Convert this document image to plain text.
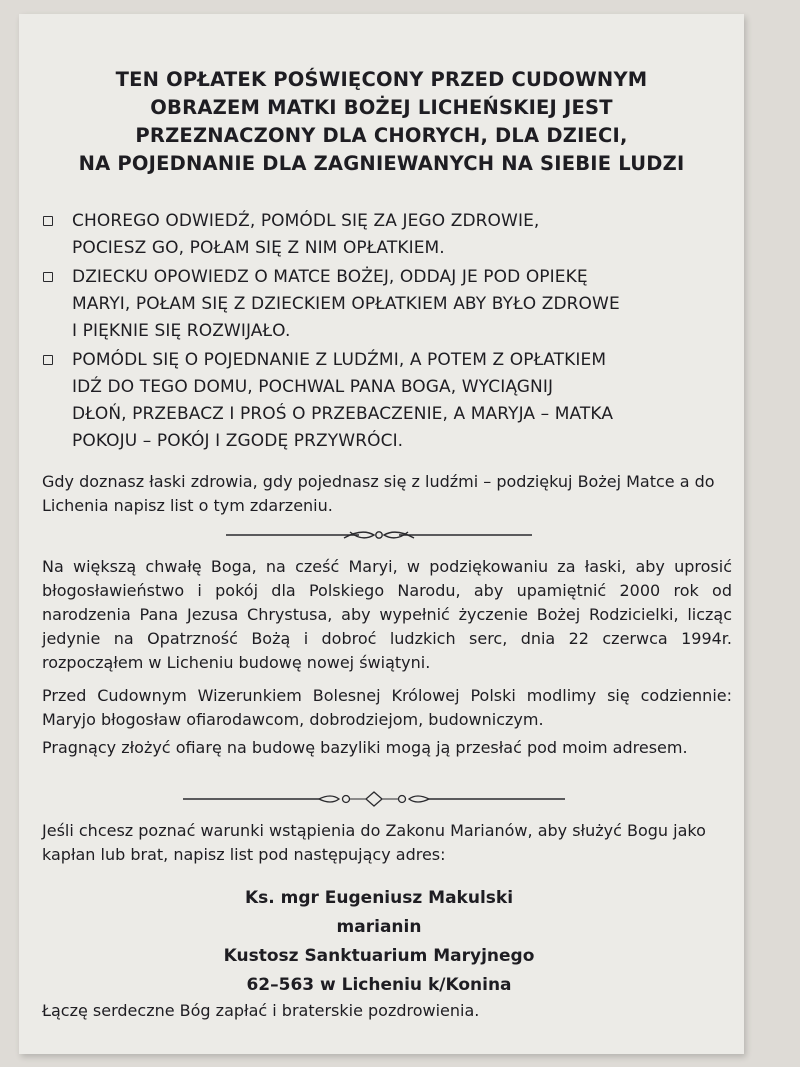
TEN OPŁATEK POŚWIĘCONY PRZED CUDOWNYM
OBRAZEM MATKI BOŻEJ LICHEŃSKIEJ JEST
PRZEZNACZONY DLA CHORYCH, DLA DZIECI,
NA POJEDNANIE DLA ZAGNIEWANYCH NA SIEBIE LUDZI
CHOREGO ODWIEDŹ, POMÓDL SIĘ ZA JEGO ZDROWIE,
POCIESZ GO, POŁAM SIĘ Z NIM OPŁATKIEM.
DZIECKU OPOWIEDZ O MATCE BOŻEJ, ODDAJ JE POD OPIEKĘ
MARYI, POŁAM SIĘ Z DZIECKIEM OPŁATKIEM ABY BYŁO ZDROWE
I PIĘKNIE SIĘ ROZWIJAŁO.
POMÓDL SIĘ O POJEDNANIE Z LUDŹMI, A POTEM Z OPŁATKIEM
IDŹ DO TEGO DOMU, POCHWAL PANA BOGA, WYCIĄGNIJ
DŁOŃ, PRZEBACZ I PROŚ O PRZEBACZENIE, A MARYJA – MATKA
POKOJU – POKÓJ I ZGODĘ PRZYWRÓCI.

Gdy doznasz łaski zdrowia, gdy pojednasz się z ludźmi – podziękuj Bożej Matce a do Lichenia napisz list o tym zdarzeniu.

Na większą chwałę Boga, na cześć Maryi, w podziękowaniu za łaski, aby uprosić błogosławieństwo i pokój dla Polskiego Narodu, aby upamiętnić 2000 rok od narodzenia Pana Jezusa Chrystusa, aby wypełnić życzenie Bożej Rodzicielki, licząc jedynie na Opatrzność Bożą i dobroć ludzkich serc, dnia 22 czerwca 1994r. rozpocząłem w Licheniu budowę nowej świątyni.

Przed Cudownym Wizerunkiem Bolesnej Królowej Polski modlimy się codziennie: Maryjo błogosław ofiarodawcom, dobrodziejom, budowniczym.

Pragnący złożyć ofiarę na budowę bazyliki mogą ją przesłać pod moim adresem.

Jeśli chcesz poznać warunki wstąpienia do Zakonu Marianów, aby służyć Bogu jako kapłan lub brat, napisz list pod następujący adres:

Ks. mgr Eugeniusz Makulski
marianin
Kustosz Sanktuarium Maryjnego
62–563 w Licheniu k/Konina

Łączę serdeczne Bóg zapłać i braterskie pozdrowienia.
